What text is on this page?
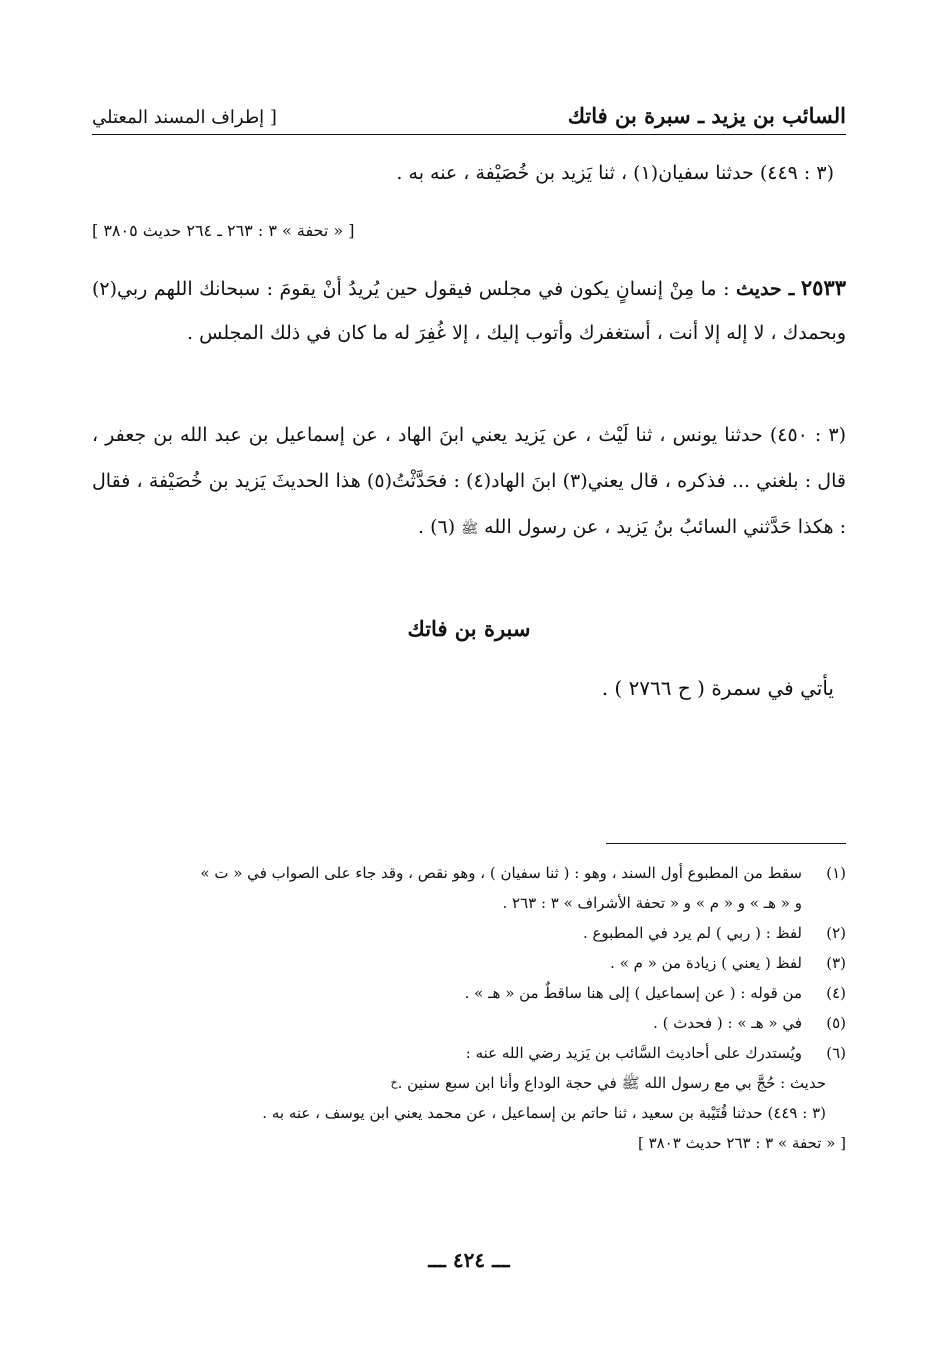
السائب بن يزيد ـ سبرة بن فاتك
[ إطراف المسند المعتلي
(٣ : ٤٤٩) حدثنا سفيان(١) ، ثنا يَزيد بن خُصَيْفة ، عنه به .
[ « تحفة » ٣ : ٢٦٣ ـ ٢٦٤ حديث ٣٨٠٥ ]
٢٥٣٣ ـ حديث : ما مِنْ إنسانٍ يكون في مجلس فيقول حين يُريدُ أنْ يقومَ : سبحانك اللهم ربي(٢) وبحمدك ، لا إله إلا أنت ، أستغفرك وأتوب إليك ، إلا غُفِرَ له ما كان في ذلك المجلس .
(٣ : ٤٥٠) حدثنا يونس ، ثنا لَيْث ، عن يَزيد يعني ابنَ الهاد ، عن إسماعيل بن عبد الله بن جعفر ، قال : بلغني ... فذكره ، قال يعني(٣) ابنَ الهاد(٤) : فحَدَّثْتُ(٥) هذا الحديثَ يَزيد بن خُصَيْفة ، فقال : هكذا حَدَّثني السائبُ بنُ يَزيد ، عن رسول الله ﷺ (٦) .
سبرة بن فاتك
يأتي في سمرة ( ح ٢٧٦٦ ) .
(١)
سقط من المطبوع أول السند ، وهو : ( ثنا سفيان ) ، وهو نقص ، وقد جاء على الصواب في « ت »
و « هـ » و « م » و « تحفة الأشراف » ٣ : ٢٦٣ .
(٢)
لفظ : ( ربي ) لم يرد في المطبوع .
(٣)
لفظ ( يعني ) زيادة من « م » .
(٤)
من قوله : ( عن إسماعيل ) إلى هنا ساقطٌ من « هـ » .
(٥)
في « هـ » : ( فحدث ) .
(٦)
ويُستدرك على أحاديث السَّائب بن يَزيد رضي الله عنه :
حديث : حُجَّ بي مع رسول الله ﷺ في حجة الوداع وأنا ابن سبع سنين .
خ
(٣ : ٤٤٩) حدثنا قُتَيْبة بن سعيد ، ثنا حاتم بن إسماعيل ، عن محمد يعني ابن يوسف ، عنه به .
[ « تحفة » ٣ : ٢٦٣ حديث ٣٨٠٣ ]
ـــ ٤٢٤ ـــ
